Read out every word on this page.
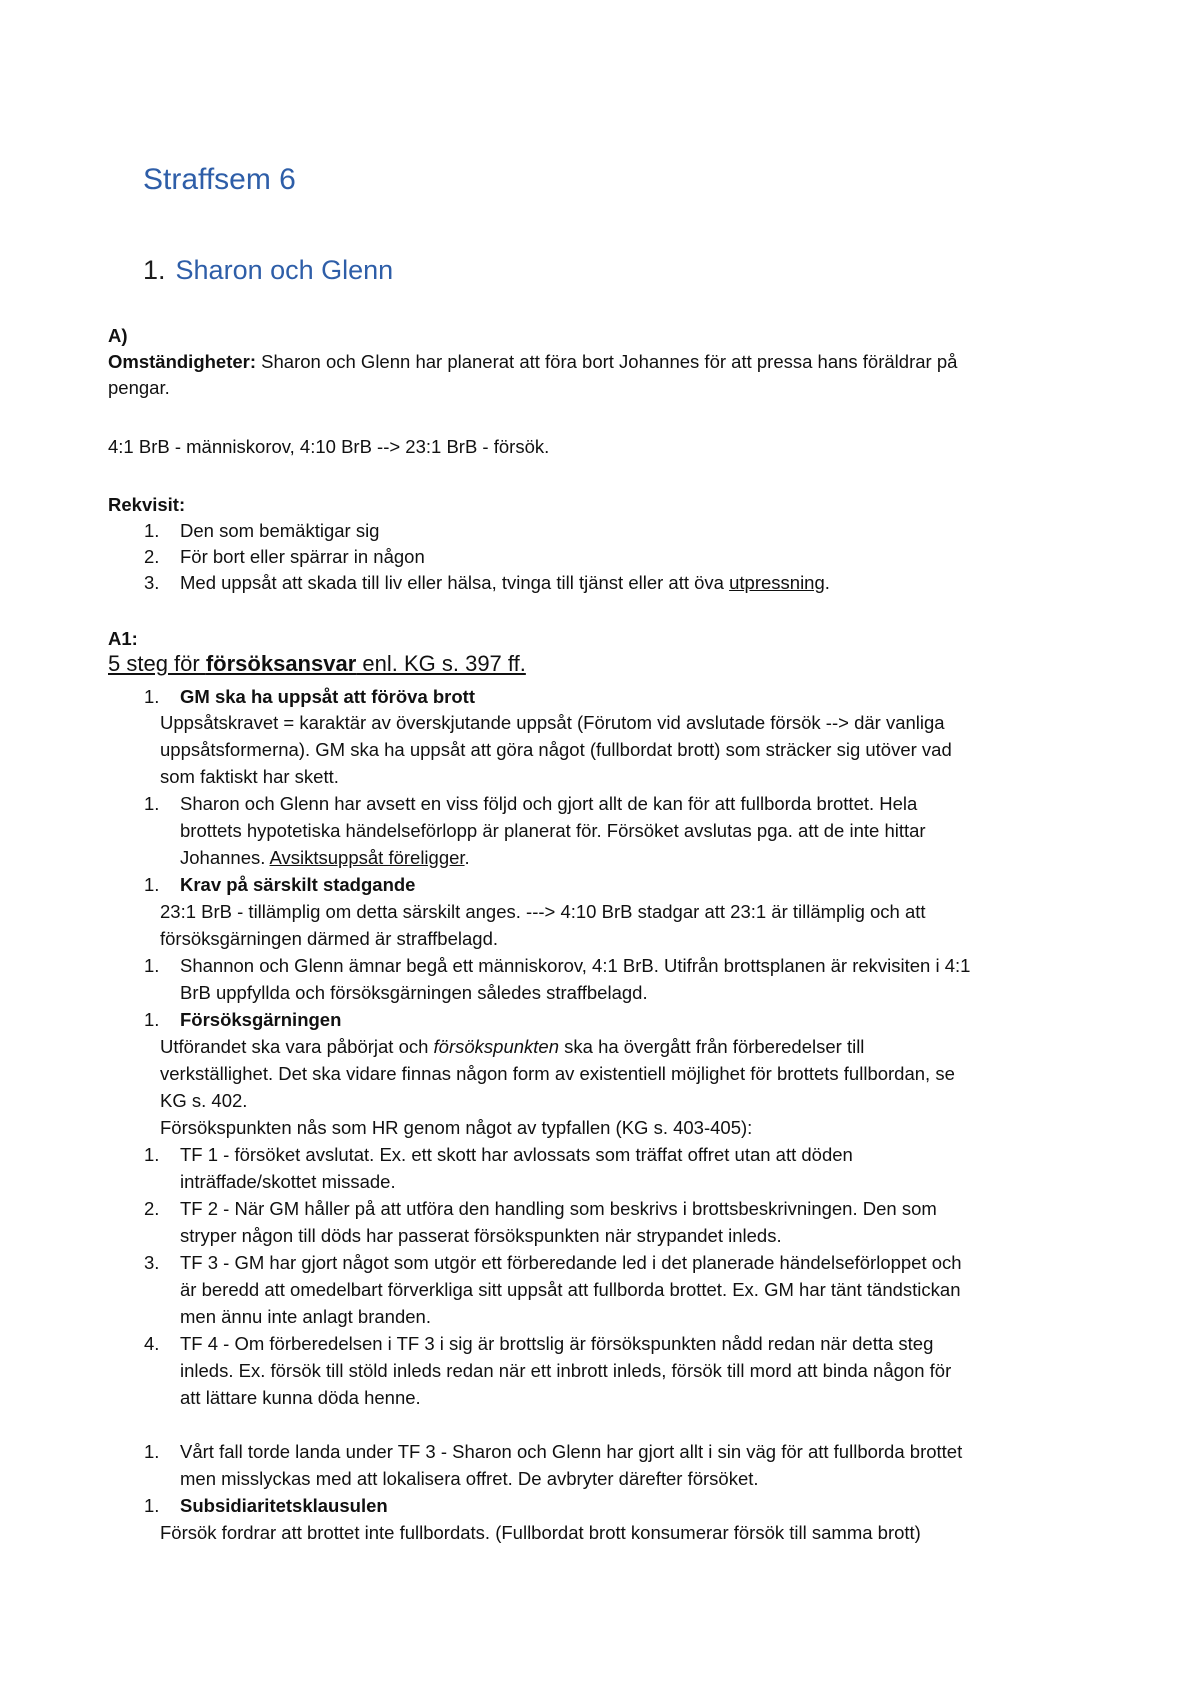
Straffsem 6
1. Sharon och Glenn
A)
Omständigheter: Sharon och Glenn har planerat att föra bort Johannes för att pressa hans föräldrar på
pengar.
4:1 BrB - människorov, 4:10 BrB --> 23:1 BrB - försök.
Rekvisit:
1. Den som bemäktigar sig
2. För bort eller spärrar in någon
3. Med uppsåt att skada till liv eller hälsa, tvinga till tjänst eller att öva utpressning.
A1:
5 steg för försöksansvar enl. KG s. 397 ff.
1. GM ska ha uppsåt att föröva brott
Uppsåtskravet = karaktär av överskjutande uppsåt (Förutom vid avslutade försök --> där vanliga
uppsåtsformerna). GM ska ha uppsåt att göra något (fullbordat brott) som sträcker sig utöver vad
som faktiskt har skett.
1. Sharon och Glenn har avsett en viss följd och gjort allt de kan för att fullborda brottet. Hela
brottets hypotetiska händelseförlopp är planerat för. Försöket avslutas pga. att de inte hittar
Johannes. Avsiktsuppsåt föreligger.
1. Krav på särskilt stadgande
23:1 BrB - tillämplig om detta särskilt anges. ---> 4:10 BrB stadgar att 23:1 är tillämplig och att
försöksgärningen därmed är straffbelagd.
1. Shannon och Glenn ämnar begå ett människorov, 4:1 BrB. Utifrån brottsplanen är rekvisiten i 4:1
BrB uppfyllda och försöksgärningen således straffbelagd.
1. Försöksgärningen
Utförandet ska vara påbörjat och försökspunkten ska ha övergått från förberedelser till
verkställighet. Det ska vidare finnas någon form av existentiell möjlighet för brottets fullbordan, se
KG s. 402.
Försökspunkten nås som HR genom något av typfallen (KG s. 403-405):
1. TF 1 - försöket avslutat. Ex. ett skott har avlossats som träffat offret utan att döden
inträffade/skottet missade.
2. TF 2 - När GM håller på att utföra den handling som beskrivs i brottsbeskrivningen. Den som
stryper någon till döds har passerat försökspunkten när strypandet inleds.
3. TF 3 - GM har gjort något som utgör ett förberedande led i det planerade händelseförloppet och
är beredd att omedelbart förverkliga sitt uppsåt att fullborda brottet. Ex. GM har tänt tändstickan
men ännu inte anlagt branden.
4. TF 4 - Om förberedelsen i TF 3 i sig är brottslig är försökspunkten nådd redan när detta steg
inleds. Ex. försök till stöld inleds redan när ett inbrott inleds, försök till mord att binda någon för
att lättare kunna döda henne.
1. Vårt fall torde landa under TF 3 - Sharon och Glenn har gjort allt i sin väg för att fullborda brottet
men misslyckas med att lokalisera offret. De avbryter därefter försöket.
1. Subsidiaritetsklausulen
Försök fordrar att brottet inte fullbordats. (Fullbordat brott konsumerar försök till samma brott)
